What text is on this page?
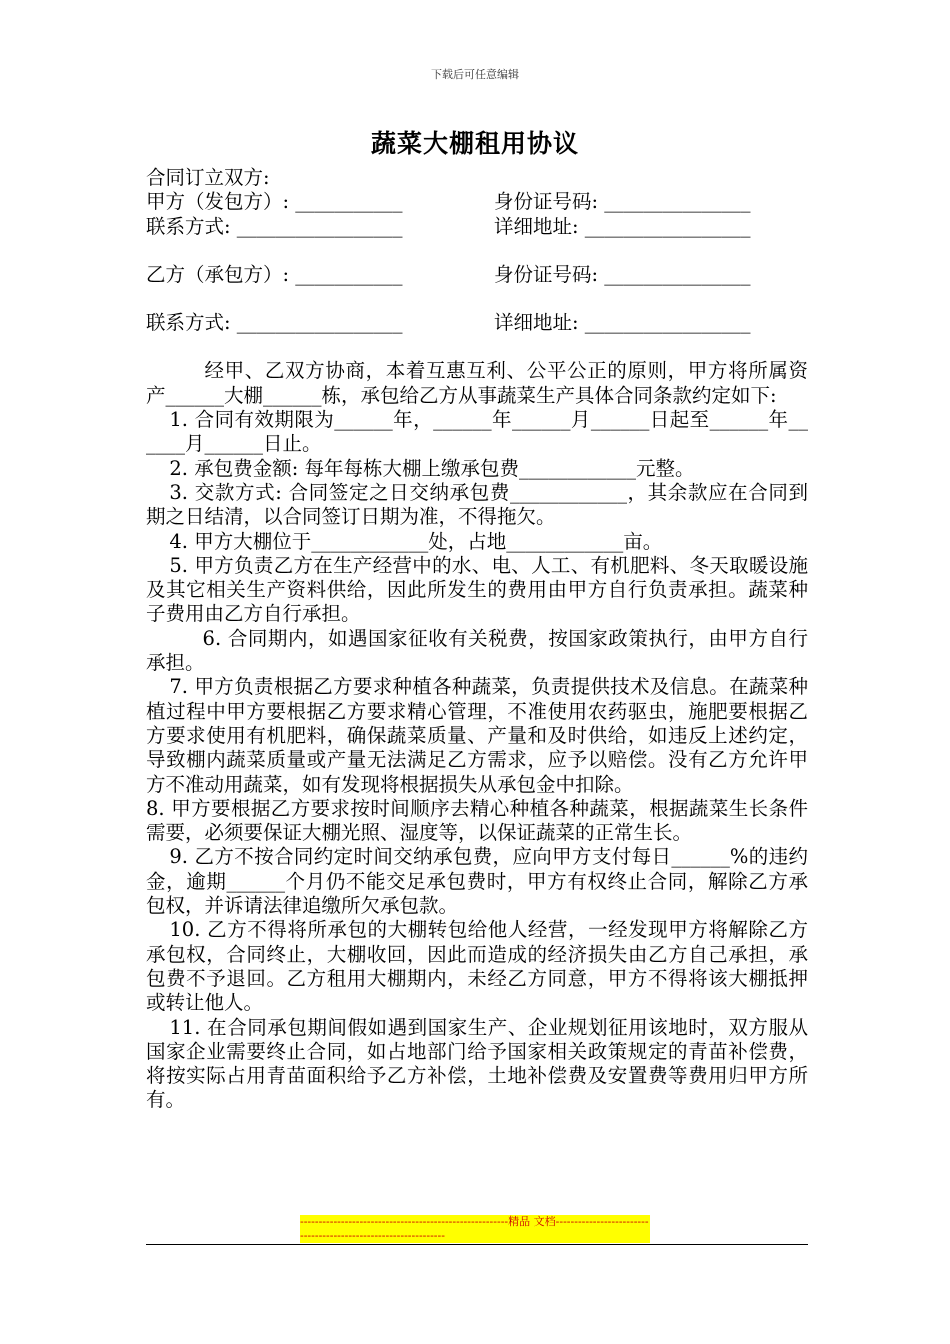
下载后可任意编辑
蔬菜大棚租用协议

合同订立双方:

甲方（发包方）: ___________	身份证号码: _______________
联系方式: _________________	详细地址: _________________
乙方（承包方）: ___________	身份证号码: _______________
联系方式: _________________	详细地址: _________________

经甲、乙双方协商，本着互惠互利、公平公正的原则，甲方将所属资产______大棚______栋，承包给乙方从事蔬菜生产具体合同条款约定如下:

1. 合同有效期限为______年，______年______月______日起至______年______月______日止。

2. 承包费金额: 每年每栋大棚上缴承包费____________元整。

3. 交款方式: 合同签定之日交纳承包费____________，其余款应在合同到期之日结清，以合同签订日期为准，不得拖欠。

4. 甲方大棚位于____________处，占地____________亩。

5. 甲方负责乙方在生产经营中的水、电、人工、有机肥料、冬天取暖设施及其它相关生产资料供给，因此所发生的费用由甲方自行负责承担。蔬菜种子费用由乙方自行承担。

6. 合同期内，如遇国家征收有关税费，按国家政策执行，由甲方自行承担。

7. 甲方负责根据乙方要求种植各种蔬菜，负责提供技术及信息。在蔬菜种植过程中甲方要根据乙方要求精心管理，不准使用农药驱虫，施肥要根据乙方要求使用有机肥料，确保蔬菜质量、产量和及时供给，如违反上述约定，导致棚内蔬菜质量或产量无法满足乙方需求，应予以赔偿。没有乙方允许甲方不准动用蔬菜，如有发现将根据损失从承包金中扣除。

8. 甲方要根据乙方要求按时间顺序去精心种植各种蔬菜，根据蔬菜生长条件需要，必须要保证大棚光照、湿度等，以保证蔬菜的正常生长。

9. 乙方不按合同约定时间交纳承包费，应向甲方支付每日______%的违约金，逾期______个月仍不能交足承包费时，甲方有权终止合同，解除乙方承包权，并诉请法律追缴所欠承包款。

10. 乙方不得将所承包的大棚转包给他人经营，一经发现甲方将解除乙方承包权，合同终止，大棚收回，因此而造成的经济损失由乙方自己承担，承包费不予退回。乙方租用大棚期内，未经乙方同意，甲方不得将该大棚抵押或转让他人。

11. 在合同承包期间假如遇到国家生产、企业规划征用该地时，双方服从国家企业需要终止合同，如占地部门给予国家相关政策规定的青苗补偿费，将按实际占用青苗面积给予乙方补偿，土地补偿费及安置费等费用归甲方所有。

--------------------------------------------------------精品 文档----------------------------------------------------------------
